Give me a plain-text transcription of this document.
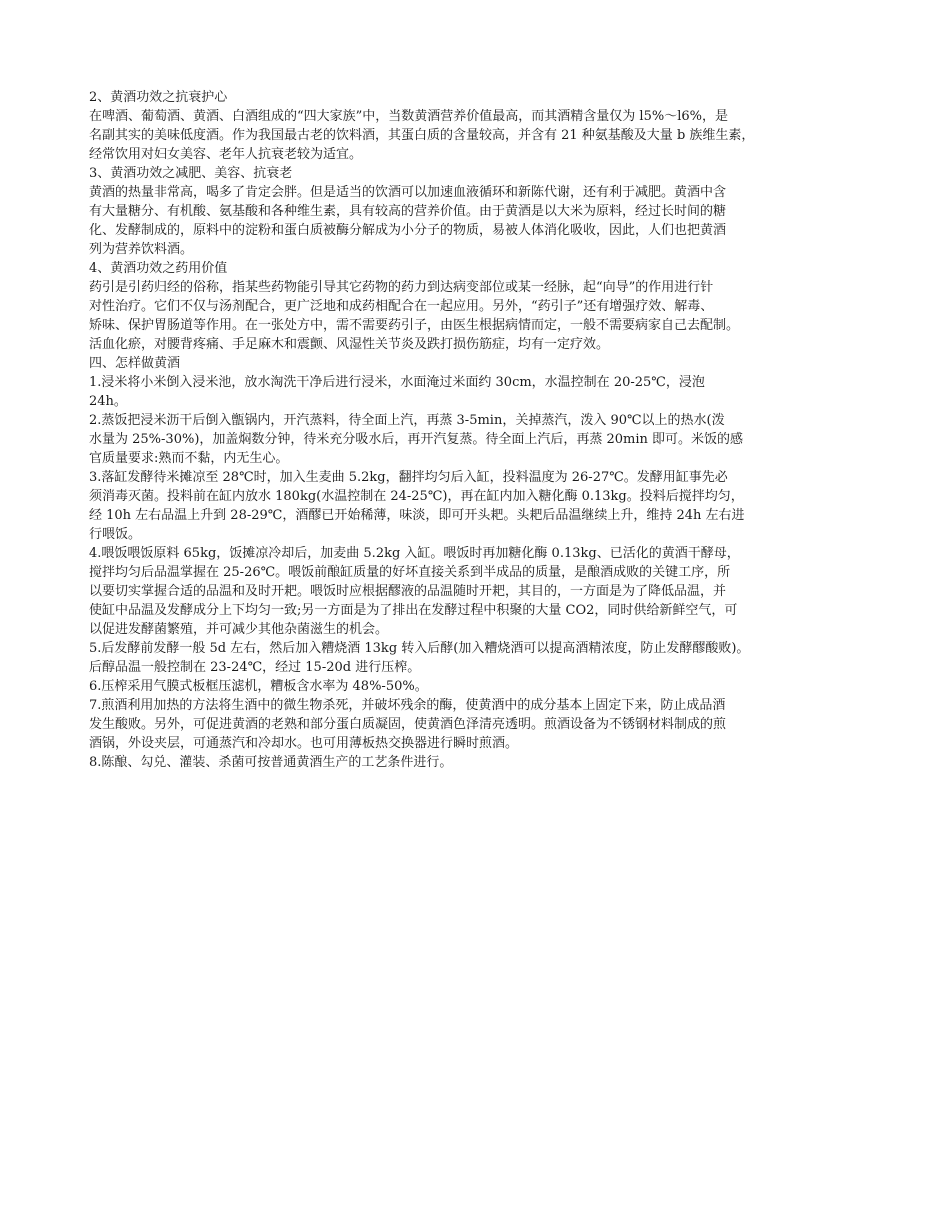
2、黄酒功效之抗衰护心

在啤酒、葡萄酒、黄酒、白酒组成的“四大家族”中，当数黄酒营养价值最高，而其酒精含量仅为 l5%～l6%，是

名副其实的美味低度酒。作为我国最古老的饮料酒，其蛋白质的含量较高，并含有 21 种氨基酸及大量 b 族维生素，

经常饮用对妇女美容、老年人抗衰老较为适宜。

3、黄酒功效之减肥、美容、抗衰老

黄酒的热量非常高，喝多了肯定会胖。但是适当的饮酒可以加速血液循环和新陈代谢，还有利于减肥。黄酒中含

有大量糖分、有机酸、氨基酸和各种维生素，具有较高的营养价值。由于黄酒是以大米为原料，经过长时间的糖

化、发酵制成的，原料中的淀粉和蛋白质被酶分解成为小分子的物质，易被人体消化吸收，因此，人们也把黄酒

列为营养饮料酒。

4、黄酒功效之药用价值

药引是引药归经的俗称，指某些药物能引导其它药物的药力到达病变部位或某一经脉，起“向导”的作用进行针

对性治疗。它们不仅与汤剂配合，更广泛地和成药相配合在一起应用。另外，“药引子”还有增强疗效、解毒、

矫味、保护胃肠道等作用。在一张处方中，需不需要药引子，由医生根据病情而定，一般不需要病家自己去配制。

活血化瘀，对腰背疼痛、手足麻木和震颤、风湿性关节炎及跌打损伤筋症，均有一定疗效。

四、怎样做黄酒

1.浸米将小米倒入浸米池，放水淘洗干净后进行浸米，水面淹过米面约 30cm，水温控制在 20-25℃，浸泡

24h。

2.蒸饭把浸米沥干后倒入甑锅内，开汽蒸料，待全面上汽，再蒸 3-5min，关掉蒸汽，泼入 90℃以上的热水(泼

水量为 25%-30%)，加盖焖数分钟，待米充分吸水后，再开汽复蒸。待全面上汽后，再蒸 20min 即可。米饭的感

官质量要求:熟而不黏，内无生心。

3.落缸发酵待米摊凉至 28℃时，加入生麦曲 5.2kg，翻拌均匀后入缸，投料温度为 26-27℃。发酵用缸事先必

须消毒灭菌。投料前在缸内放水 180kg(水温控制在 24-25℃)，再在缸内加入糖化酶 0.13kg。投料后搅拌均匀，

经 10h 左右品温上升到 28-29℃，酒醪已开始稀薄，味淡，即可开头耙。头耙后品温继续上升，维持 24h 左右进

行喂饭。

4.喂饭喂饭原料 65kg，饭摊凉冷却后，加麦曲 5.2kg 入缸。喂饭时再加糖化酶 0.13kg、已活化的黄酒干酵母，

搅拌均匀后品温掌握在 25-26℃。喂饭前酿缸质量的好坏直接关系到半成品的质量，是酿酒成败的关键工序，所

以要切实掌握合适的品温和及时开耙。喂饭时应根据醪液的品温随时开耙，其目的，一方面是为了降低品温，并

使缸中品温及发酵成分上下均匀一致;另一方面是为了排出在发酵过程中积聚的大量 CO2，同时供给新鲜空气，可

以促进发酵菌繁殖，并可减少其他杂菌滋生的机会。

5.后发酵前发酵一般 5d 左右，然后加入糟烧酒 13kg 转入后酵(加入糟烧酒可以提高酒精浓度，防止发酵醪酸败)。

后醇品温一般控制在 23-24℃，经过 15-20d 进行压榨。

6.压榨采用气膜式板框压滤机，糟板含水率为 48%-50%。

7.煎酒利用加热的方法将生酒中的微生物杀死，并破坏残余的酶，使黄酒中的成分基本上固定下来，防止成品酒

发生酸败。另外，可促进黄酒的老熟和部分蛋白质凝固，使黄酒色泽清亮透明。煎酒设备为不锈钢材料制成的煎

酒锅，外设夹层，可通蒸汽和冷却水。也可用薄板热交换器进行瞬时煎酒。

8.陈酿、勾兑、灌装、杀菌可按普通黄酒生产的工艺条件进行。
